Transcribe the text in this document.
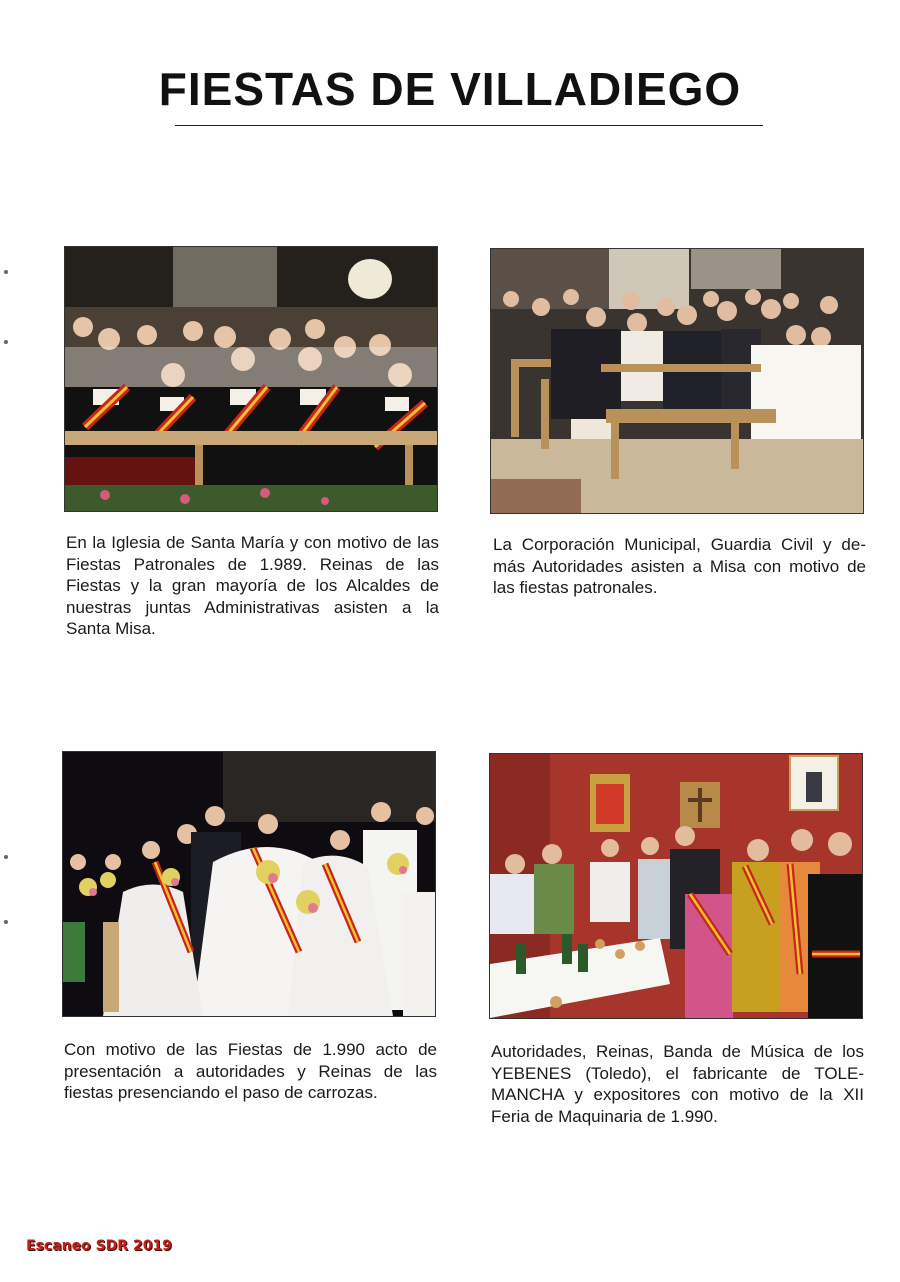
FIESTAS DE VILLADIEGO

En la Iglesia de Santa María y con motivo de las Fiestas Patronales de 1.989. Reinas de las Fiestas y la gran mayoría de los Alcaldes de nuestras juntas Administrativas asisten a la Santa Misa.

La Corporación Municipal, Guardia Civil y de-más Autoridades asisten a Misa con motivo de las fiestas patronales.

Con motivo de las Fiestas de 1.990 acto de presentación a autoridades y Reinas de las fiestas presenciando el paso de carrozas.

Autoridades, Reinas, Banda de Música de los YEBENES (Toledo), el fabricante de TOLE-MANCHA y expositores con motivo de la XII Feria de Maquinaria de 1.990.

Escaneo SDR 2019
